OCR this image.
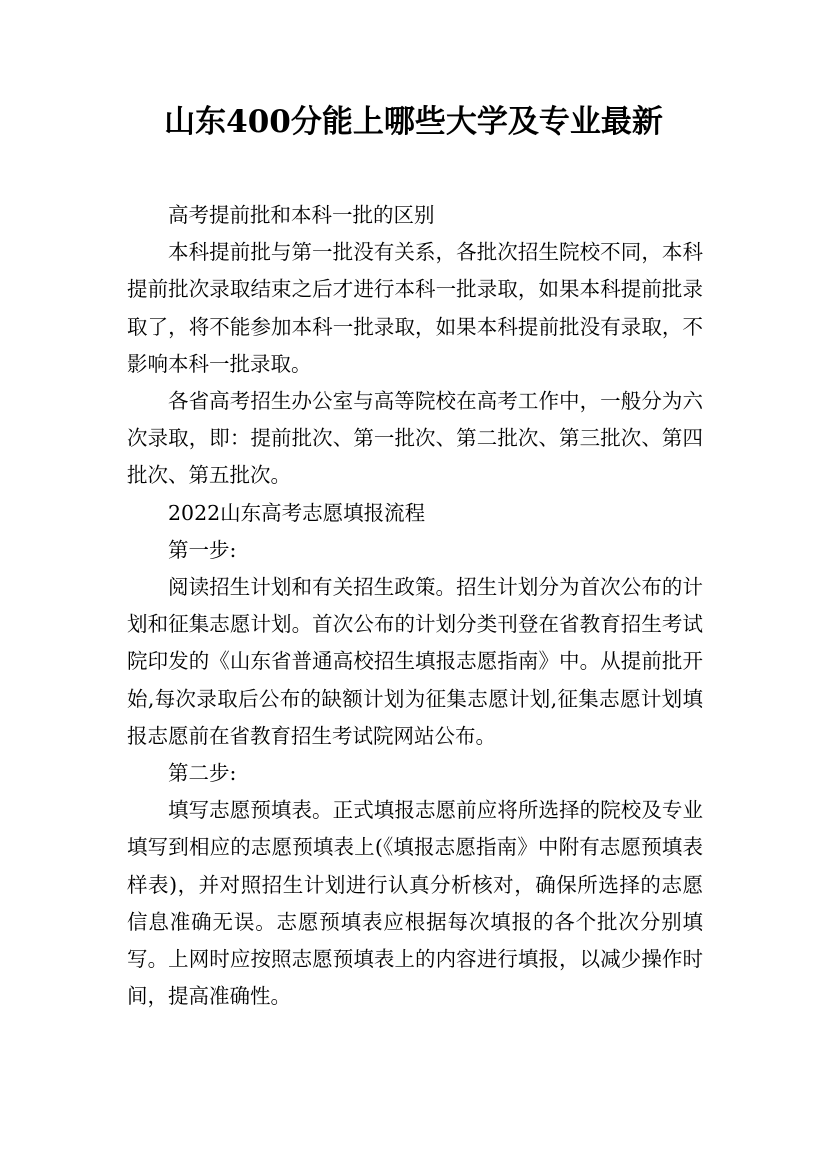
山东400分能上哪些大学及专业最新

高考提前批和本科一批的区别

本科提前批与第一批没有关系，各批次招生院校不同，本科提前批次录取结束之后才进行本科一批录取，如果本科提前批录取了，将不能参加本科一批录取，如果本科提前批没有录取，不影响本科一批录取。

各省高考招生办公室与高等院校在高考工作中，一般分为六次录取，即：提前批次、第一批次、第二批次、第三批次、第四批次、第五批次。

2022山东高考志愿填报流程

第一步:

阅读招生计划和有关招生政策。招生计划分为首次公布的计划和征集志愿计划。首次公布的计划分类刊登在省教育招生考试院印发的《山东省普通高校招生填报志愿指南》中。从提前批开始,每次录取后公布的缺额计划为征集志愿计划,征集志愿计划填报志愿前在省教育招生考试院网站公布。

第二步:

填写志愿预填表。正式填报志愿前应将所选择的院校及专业填写到相应的志愿预填表上(《填报志愿指南》中附有志愿预填表样表)，并对照招生计划进行认真分析核对，确保所选择的志愿信息准确无误。志愿预填表应根据每次填报的各个批次分别填写。上网时应按照志愿预填表上的内容进行填报，以减少操作时间，提高准确性。
